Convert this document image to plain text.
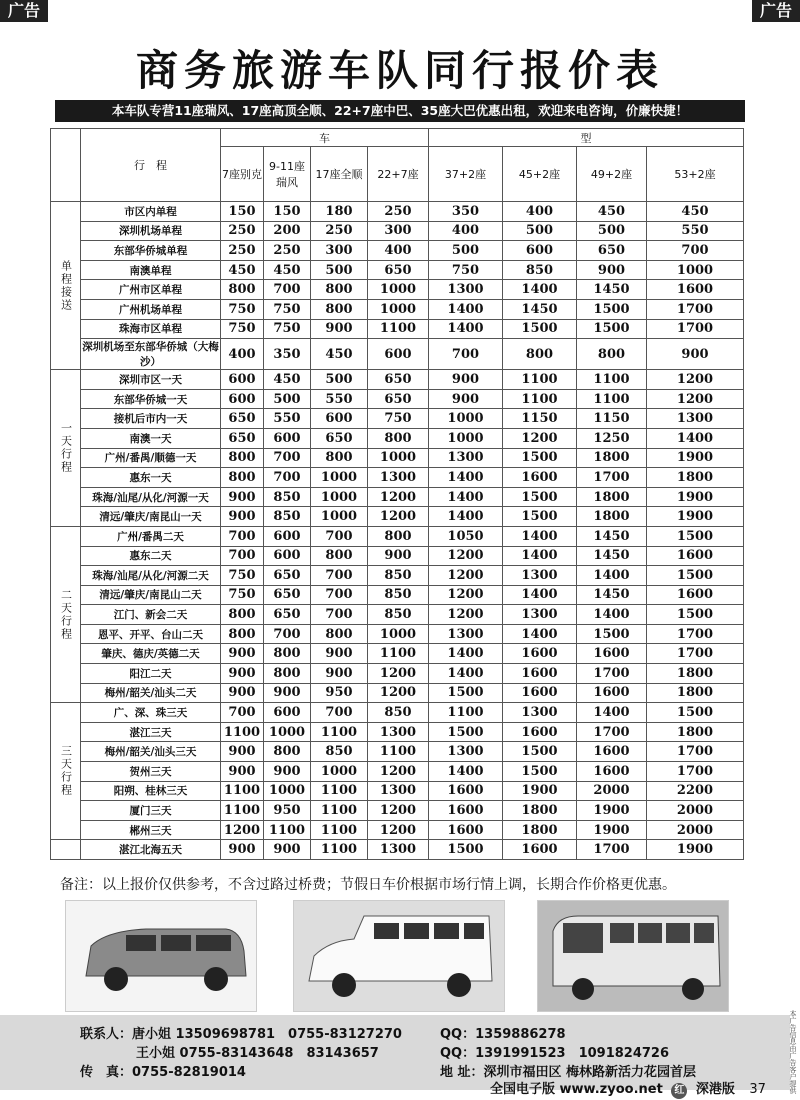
广告	广告
商务旅游车队同行报价表
本车队专营11座瑞风、17座高顶全顺、22+7座中巴、35座大巴优惠出租，欢迎来电咨询，价廉快捷！
	行　程	车				型			
		7座别克	9-11座瑞风	17座全顺	22+7座	37+2座	45+2座	49+2座	53+2座
单程接送	市区内单程	150	150	180	250	350	400	450	450
	深圳机场单程	250	200	250	300	400	500	500	550
	东部华侨城单程	250	250	300	400	500	600	650	700
	南澳单程	450	450	500	650	750	850	900	1000
	广州市区单程	800	700	800	1000	1300	1400	1450	1600
	广州机场单程	750	750	800	1000	1400	1450	1500	1700
	珠海市区单程	750	750	900	1100	1400	1500	1500	1700
	深圳机场至东部华侨城（大梅沙）	400	350	450	600	700	800	800	900
一天行程	深圳市区一天	600	450	500	650	900	1100	1100	1200
	东部华侨城一天	600	500	550	650	900	1100	1100	1200
	接机后市内一天	650	550	600	750	1000	1150	1150	1300
	南澳一天	650	600	650	800	1000	1200	1250	1400
	广州/番禺/顺德一天	800	700	800	1000	1300	1500	1800	1900
	惠东一天	800	700	1000	1300	1400	1600	1700	1800
	珠海/汕尾/从化/河源一天	900	850	1000	1200	1400	1500	1800	1900
	清远/肇庆/南昆山一天	900	850	1000	1200	1400	1500	1800	1900
二天行程	广州/番禺二天	700	600	700	800	1050	1400	1450	1500
	惠东二天	700	600	800	900	1200	1400	1450	1600
	珠海/汕尾/从化/河源二天	750	650	700	850	1200	1300	1400	1500
	清远/肇庆/南昆山二天	750	650	700	850	1200	1400	1450	1600
	江门、新会二天	800	650	700	850	1200	1300	1400	1500
	恩平、开平、台山二天	800	700	800	1000	1300	1400	1500	1700
	肇庆、德庆/英德二天	900	800	900	1100	1400	1600	1600	1700
	阳江二天	900	800	900	1200	1400	1600	1700	1800
	梅州/韶关/汕头二天	900	900	950	1200	1500	1600	1600	1800
三天行程	广、深、珠三天	700	600	700	850	1100	1300	1400	1500
	湛江三天	1100	1000	1100	1300	1500	1600	1700	1800
	梅州/韶关/汕头三天	900	800	850	1100	1300	1500	1600	1700
	贺州三天	900	900	1000	1200	1400	1500	1600	1700
	阳朔、桂林三天	1100	1000	1100	1300	1600	1900	2000	2200
	厦门三天	1100	950	1100	1200	1600	1800	1900	2000
	郴州三天	1200	1100	1100	1200	1600	1800	1900	2000
	湛江北海五天	900	900	1100	1300	1500	1600	1700	1900
备注：以上报价仅供参考，不含过路过桥费；节假日车价根据市场行情上调，长期合作价格更优惠。
联系人：唐小姐 13509698781　0755-83127270
王小姐 0755-83143648　83143657
传　真：0755-82819014
QQ：1359886278
QQ：1391991523　1091824726
地 址：深圳市福田区 梅林路新活力花园首层
全国电子版 www.zyoo.net 红 深港版 37	本广告信息由广告客户提供
